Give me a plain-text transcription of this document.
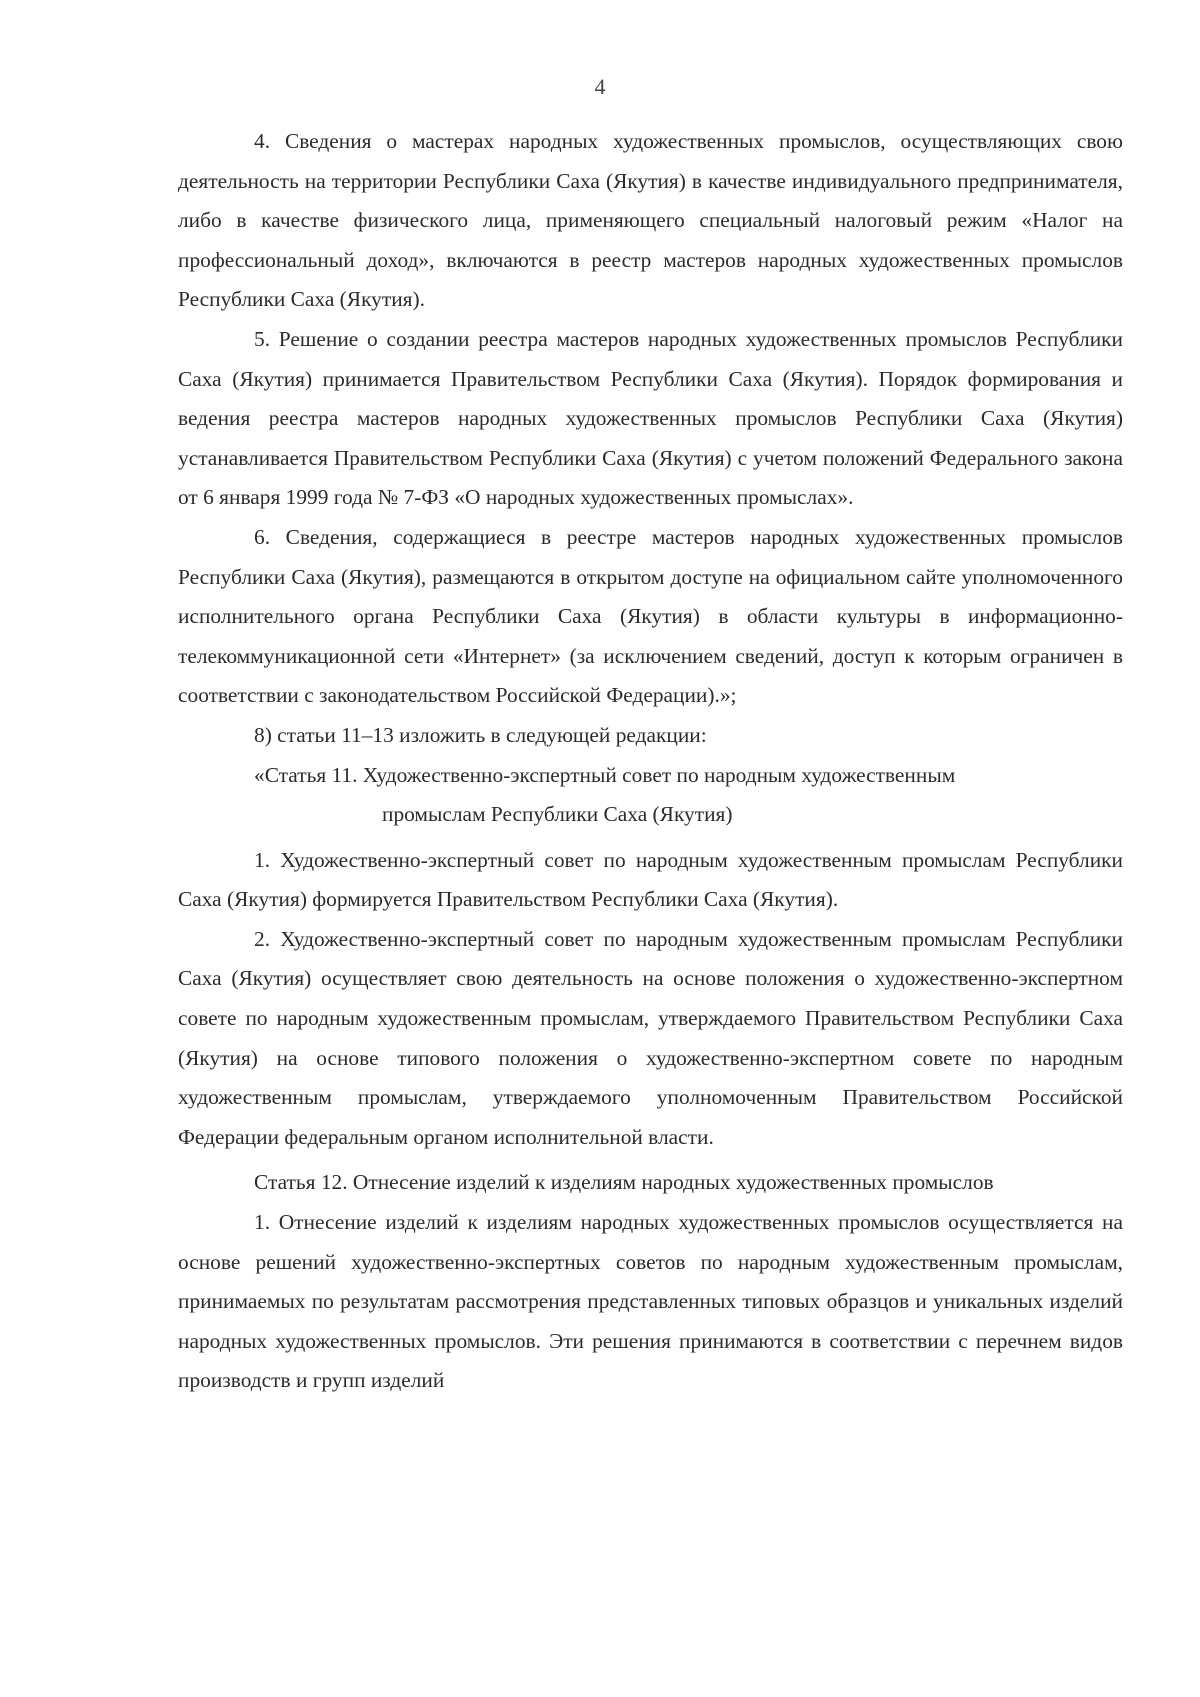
4

4. Сведения о мастерах народных художественных промыслов, осуществляющих свою деятельность на территории Республики Саха (Якутия) в качестве индивидуального предпринимателя, либо в качестве физического лица, применяющего специальный налоговый режим «Налог на профессиональный доход», включаются в реестр мастеров народных художественных промыслов Республики Саха (Якутия).

5. Решение о создании реестра мастеров народных художественных промыслов Республики Саха (Якутия) принимается Правительством Республики Саха (Якутия). Порядок формирования и ведения реестра мастеров народных художественных промыслов Республики Саха (Якутия) устанавливается Правительством Республики Саха (Якутия) с учетом положений Федерального закона от 6 января 1999 года № 7-ФЗ «О народных художественных промыслах».

6. Сведения, содержащиеся в реестре мастеров народных художественных промыслов Республики Саха (Якутия), размещаются в открытом доступе на официальном сайте уполномоченного исполнительного органа Республики Саха (Якутия) в области культуры в информационно-телекоммуникационной сети «Интернет» (за исключением сведений, доступ к которым ограничен в соответствии с законодательством Российской Федерации).»;

8) статьи 11–13 изложить в следующей редакции:

«Статья 11. Художественно-экспертный совет по народным художественным
промыслам Республики Саха (Якутия)

1. Художественно-экспертный совет по народным художественным промыслам Республики Саха (Якутия) формируется Правительством Республики Саха (Якутия).

2. Художественно-экспертный совет по народным художественным промыслам Республики Саха (Якутия) осуществляет свою деятельность на основе положения о художественно-экспертном совете по народным художественным промыслам, утверждаемого Правительством Республики Саха (Якутия) на основе типового положения о художественно-экспертном совете по народным художественным промыслам, утверждаемого уполномоченным Правительством Российской Федерации федеральным органом исполнительной власти.

Статья 12. Отнесение изделий к изделиям народных художественных промыслов

1. Отнесение изделий к изделиям народных художественных промыслов осуществляется на основе решений художественно-экспертных советов по народным художественным промыслам, принимаемых по результатам рассмотрения представленных типовых образцов и уникальных изделий народных художественных промыслов. Эти решения принимаются в соответствии с перечнем видов производств и групп изделий
